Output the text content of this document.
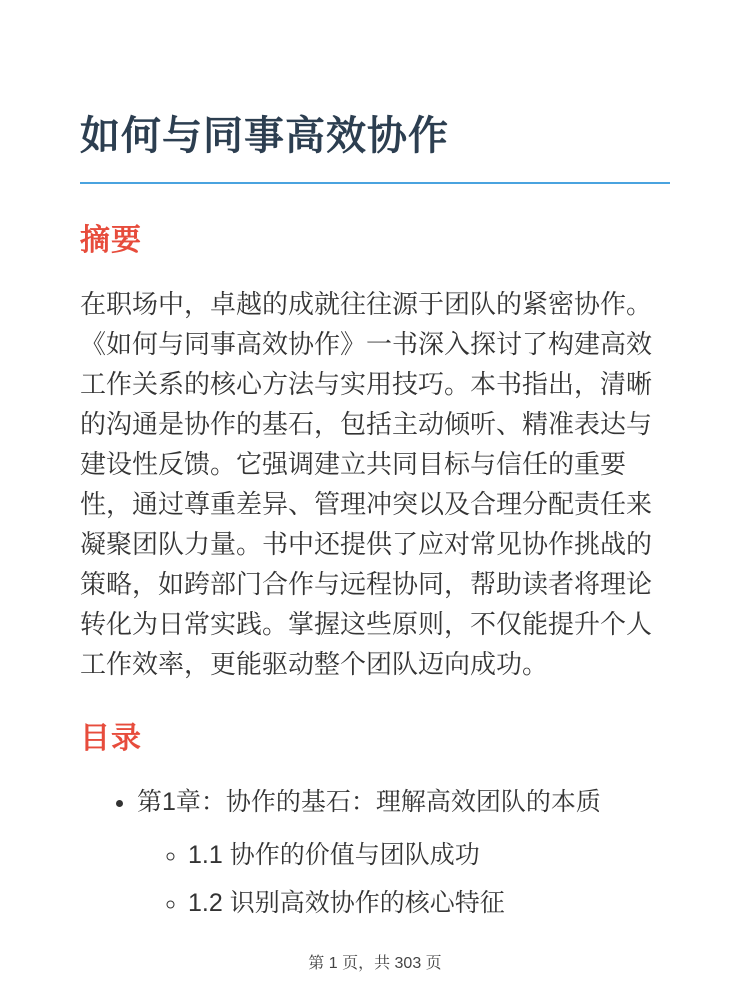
如何与同事高效协作
摘要

在职场中，卓越的成就往往源于团队的紧密协作。《如何与同事高效协作》一书深入探讨了构建高效工作关系的核心方法与实用技巧。本书指出，清晰的沟通是协作的基石，包括主动倾听、精准表达与建设性反馈。它强调建立共同目标与信任的重要性，通过尊重差异、管理冲突以及合理分配责任来凝聚团队力量。书中还提供了应对常见协作挑战的策略，如跨部门合作与远程协同，帮助读者将理论转化为日常实践。掌握这些原则，不仅能提升个人工作效率，更能驱动整个团队迈向成功。

目录
• 第1章：协作的基石：理解高效团队的本质
◦ 1.1 协作的价值与团队成功
◦ 1.2 识别高效协作的核心特征
第 1 页，共 303 页
